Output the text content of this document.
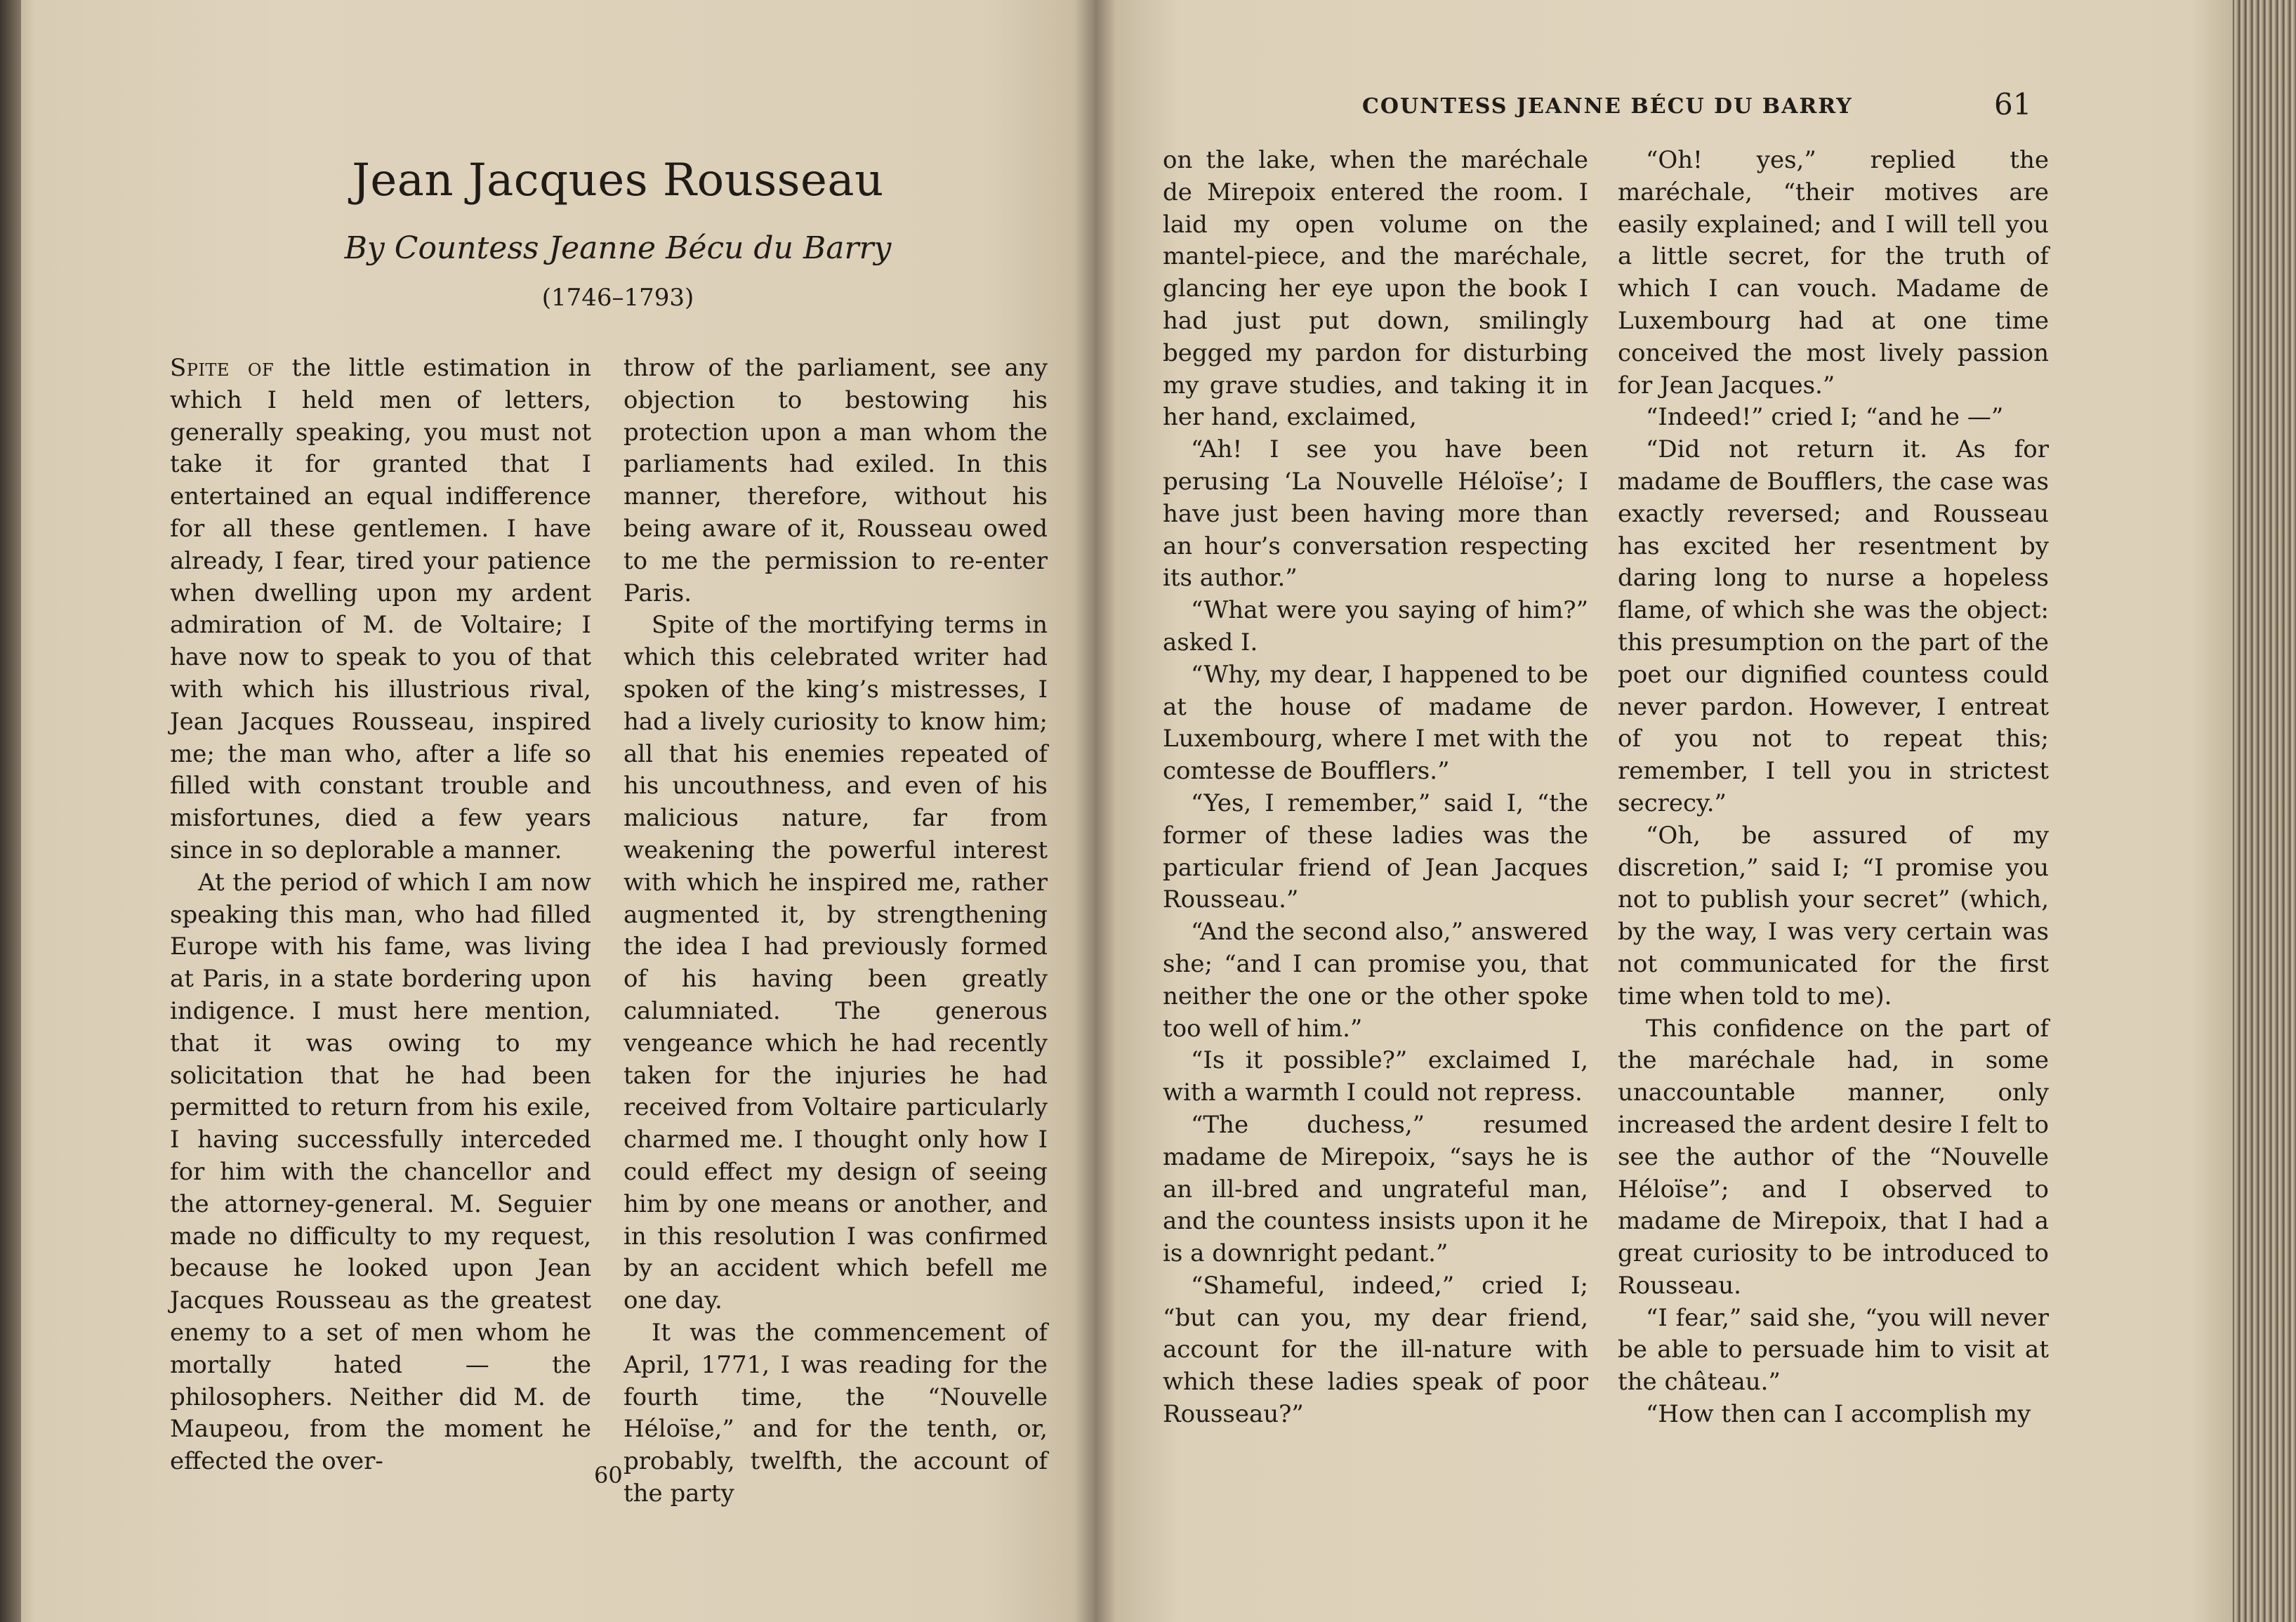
Jean Jacques Rousseau
By Countess Jeanne Bécu du Barry
(1746–1793)

Spite of the little estimation in which I held men of letters, generally speaking, you must not take it for granted that I entertained an equal indifference for all these gentlemen. I have already, I fear, tired your patience when dwelling upon my ardent admiration of M. de Voltaire; I have now to speak to you of that with which his illustrious rival, Jean Jacques Rousseau, inspired me; the man who, after a life so filled with constant trouble and misfortunes, died a few years since in so deplorable a manner.

At the period of which I am now speaking this man, who had filled Europe with his fame, was living at Paris, in a state bordering upon indigence. I must here mention, that it was owing to my solicitation that he had been permitted to return from his exile, I having successfully interceded for him with the chancellor and the attorney-general. M. Seguier made no difficulty to my request, because he looked upon Jean Jacques Rousseau as the greatest enemy to a set of men whom he mortally hated — the philosophers. Neither did M. de Maupeou, from the moment he effected the over-

throw of the parliament, see any objection to bestowing his protection upon a man whom the parliaments had exiled. In this manner, therefore, without his being aware of it, Rousseau owed to me the permission to re-enter Paris.

Spite of the mortifying terms in which this celebrated writer had spoken of the king’s mistresses, I had a lively curiosity to know him; all that his enemies repeated of his uncouthness, and even of his malicious nature, far from weakening the powerful interest with which he inspired me, rather augmented it, by strengthening the idea I had previously formed of his having been greatly calumniated. The generous vengeance which he had recently taken for the injuries he had received from Voltaire particularly charmed me. I thought only how I could effect my design of seeing him by one means or another, and in this resolution I was confirmed by an accident which befell me one day.

It was the commencement of April, 1771, I was reading for the fourth time, the “Nouvelle Héloïse,” and for the tenth, or, probably, twelfth, the account of the party

60
COUNTESS JEANNE BÉCU DU BARRY	61

on the lake, when the maréchale de Mirepoix entered the room. I laid my open volume on the mantel-piece, and the maréchale, glancing her eye upon the book I had just put down, smilingly begged my pardon for disturbing my grave studies, and taking it in her hand, exclaimed,

“Ah! I see you have been perusing ‘La Nouvelle Héloïse’; I have just been having more than an hour’s conversation respecting its author.”

“What were you saying of him?” asked I.

“Why, my dear, I happened to be at the house of madame de Luxembourg, where I met with the comtesse de Boufflers.”

“Yes, I remember,” said I, “the former of these ladies was the particular friend of Jean Jacques Rousseau.”

“And the second also,” answered she; “and I can promise you, that neither the one or the other spoke too well of him.”

“Is it possible?” exclaimed I, with a warmth I could not repress.

“The duchess,” resumed madame de Mirepoix, “says he is an ill-bred and ungrateful man, and the countess insists upon it he is a downright pedant.”

“Shameful, indeed,” cried I; “but can you, my dear friend, account for the ill-nature with which these ladies speak of poor Rousseau?”

“Oh! yes,” replied the maréchale, “their motives are easily explained; and I will tell you a little secret, for the truth of which I can vouch. Madame de Luxembourg had at one time conceived the most lively passion for Jean Jacques.”

“Indeed!” cried I; “and he —”

“Did not return it. As for madame de Boufflers, the case was exactly reversed; and Rousseau has excited her resentment by daring long to nurse a hopeless flame, of which she was the object: this presumption on the part of the poet our dignified countess could never pardon. However, I entreat of you not to repeat this; remember, I tell you in strictest secrecy.”

“Oh, be assured of my discretion,” said I; “I promise you not to publish your secret” (which, by the way, I was very certain was not communicated for the first time when told to me).

This confidence on the part of the maréchale had, in some unaccountable manner, only increased the ardent desire I felt to see the author of the “Nouvelle Héloïse”; and I observed to madame de Mirepoix, that I had a great curiosity to be introduced to Rousseau.

“I fear,” said she, “you will never be able to persuade him to visit at the château.”

“How then can I accomplish my
